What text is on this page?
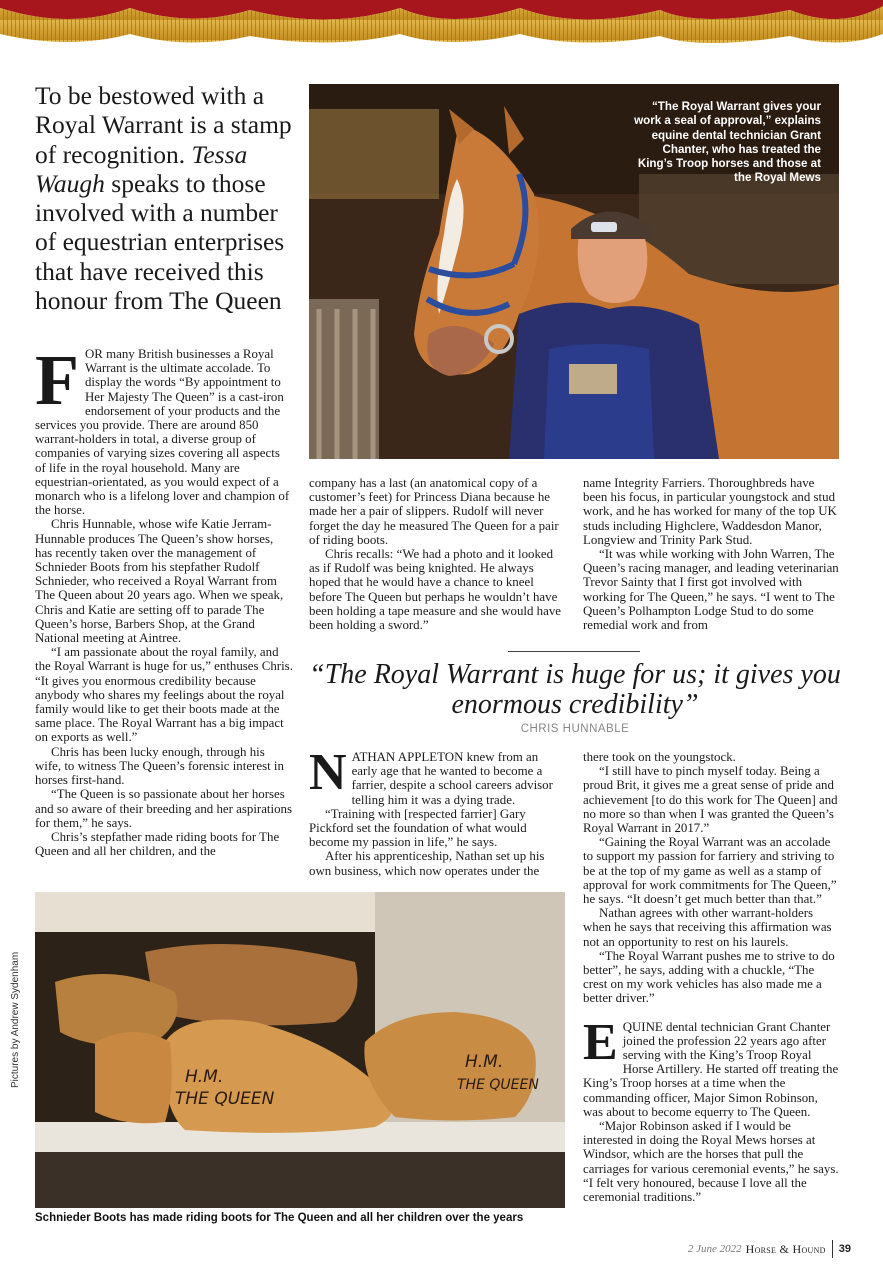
To be bestowed with a Royal Warrant is a stamp of recognition. Tessa Waugh speaks to those involved with a number of equestrian enterprises that have received this honour from The Queen
“The Royal Warrant gives your work a seal of approval,” explains equine dental technician Grant Chanter, who has treated the King’s Troop horses and those at the Royal Mews

FOR many British businesses a Royal Warrant is the ultimate accolade. To display the words “By appointment to Her Majesty The Queen” is a cast-iron endorsement of your products and the services you provide. There are around 850 warrant-holders in total, a diverse group of companies of varying sizes covering all aspects of life in the royal household. Many are equestrian-orientated, as you would expect of a monarch who is a lifelong lover and champion of the horse.

Chris Hunnable, whose wife Katie Jerram-Hunnable produces The Queen’s show horses, has recently taken over the management of Schnieder Boots from his stepfather Rudolf Schnieder, who received a Royal Warrant from The Queen about 20 years ago. When we speak, Chris and Katie are setting off to parade The Queen’s horse, Barbers Shop, at the Grand National meeting at Aintree.

“I am passionate about the royal family, and the Royal Warrant is huge for us,” enthuses Chris. “It gives you enormous credibility because anybody who shares my feelings about the royal family would like to get their boots made at the same place. The Royal Warrant has a big impact on exports as well.”

Chris has been lucky enough, through his wife, to witness The Queen’s forensic interest in horses first-hand.

“The Queen is so passionate about her horses and so aware of their breeding and her aspirations for them,” he says.

Chris’s stepfather made riding boots for The Queen and all her children, and the

company has a last (an anatomical copy of a customer’s feet) for Princess Diana because he made her a pair of slippers. Rudolf will never forget the day he measured The Queen for a pair of riding boots.

Chris recalls: “We had a photo and it looked as if Rudolf was being knighted. He always hoped that he would have a chance to kneel before The Queen but perhaps he wouldn’t have been holding a tape measure and she would have been holding a sword.”

name Integrity Farriers. Thoroughbreds have been his focus, in particular youngstock and stud work, and he has worked for many of the top UK studs including Highclere, Waddesdon Manor, Longview and Trinity Park Stud.

“It was while working with John Warren, The Queen’s racing manager, and leading veterinarian Trevor Sainty that I first got involved with working for The Queen,” he says. “I went to The Queen’s Polhampton Lodge Stud to do some remedial work and from

“The Royal Warrant is huge for us; it gives you enormous credibility”
CHRIS HUNNABLE

NATHAN APPLETON knew from an early age that he wanted to become a farrier, despite a school careers advisor telling him it was a dying trade.

“Training with [respected farrier] Gary Pickford set the foundation of what would become my passion in life,” he says.

After his apprenticeship, Nathan set up his own business, which now operates under the

there took on the youngstock.

“I still have to pinch myself today. Being a proud Brit, it gives me a great sense of pride and achievement [to do this work for The Queen] and no more so than when I was granted the Queen’s Royal Warrant in 2017.”

“Gaining the Royal Warrant was an accolade to support my passion for farriery and striving to be at the top of my game as well as a stamp of approval for work commitments for The Queen,” he says. “It doesn’t get much better than that.”

Nathan agrees with other warrant-holders when he says that receiving this affirmation was not an opportunity to rest on his laurels.

“The Royal Warrant pushes me to strive to do better”, he says, adding with a chuckle, “The crest on my work vehicles has also made me a better driver.”

EQUINE dental technician Grant Chanter joined the profession 22 years ago after serving with the King’s Troop Royal Horse Artillery. He started off treating the King’s Troop horses at a time when the commanding officer, Major Simon Robinson, was about to become equerry to The Queen.

“Major Robinson asked if I would be interested in doing the Royal Mews horses at Windsor, which are the horses that pull the carriages for various ceremonial events,” he says. “I felt very honoured, because I love all the ceremonial traditions.”

H.M.
THE QUEEN
H.M.
THE QUEEN
Schnieder Boots has made riding boots for The Queen and all her children over the years
Pictures by Andrew Sydenham
2 June 2022 Horse & Hound 39
